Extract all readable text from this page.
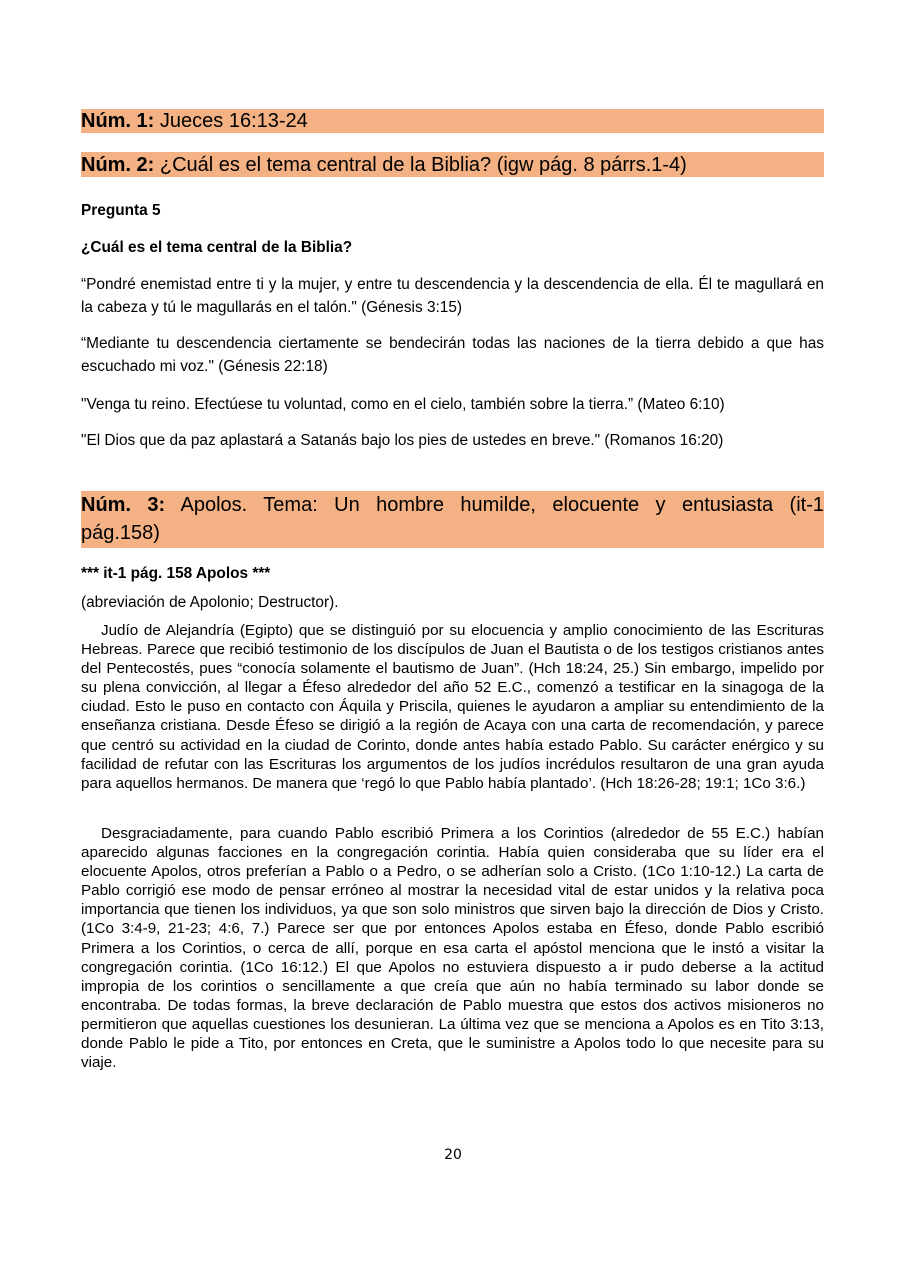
Núm. 1: Jueces 16:13-24
Núm. 2: ¿Cuál es el tema central de la Biblia? (igw pág. 8 párrs.1-4)
Pregunta 5
¿Cuál es el tema central de la Biblia?
“Pondré enemistad entre ti y la mujer, y entre tu descendencia y la descendencia de ella. Él te magullará en la cabeza y tú le magullarás en el talón." (Génesis 3:15)
“Mediante tu descendencia ciertamente se bendecirán todas las naciones de la tierra debido a que has escuchado mi voz." (Génesis 22:18)
"Venga tu reino. Efectúese tu voluntad, como en el cielo, también sobre la tierra.” (Mateo 6:10)
"El Dios que da paz aplastará a Satanás bajo los pies de ustedes en breve." (Romanos 16:20)
Núm. 3: Apolos. Tema: Un hombre humilde, elocuente y entusiasta (it-1
pág.158)
*** it-1 pág. 158 Apolos ***
(abreviación de Apolonio; Destructor).
Judío de Alejandría (Egipto) que se distinguió por su elocuencia y amplio conocimiento de las Escrituras Hebreas. Parece que recibió testimonio de los discípulos de Juan el Bautista o de los testigos cristianos antes del Pentecostés, pues “conocía solamente el bautismo de Juan”. (Hch 18:24, 25.) Sin embargo, impelido por su plena convicción, al llegar a Éfeso alrededor del año 52 E.C., comenzó a testificar en la sinagoga de la ciudad. Esto le puso en contacto con Áquila y Priscila, quienes le ayudaron a ampliar su entendimiento de la enseñanza cristiana. Desde Éfeso se dirigió a la región de Acaya con una carta de recomendación, y parece que centró su actividad en la ciudad de Corinto, donde antes había estado Pablo. Su carácter enérgico y su facilidad de refutar con las Escrituras los argumentos de los judíos incrédulos resultaron de una gran ayuda para aquellos hermanos. De manera que ‘regó lo que Pablo había plantado’. (Hch 18:26-28; 19:1; 1Co 3:6.)
Desgraciadamente, para cuando Pablo escribió Primera a los Corintios (alrededor de 55 E.C.) habían aparecido algunas facciones en la congregación corintia. Había quien consideraba que su líder era el elocuente Apolos, otros preferían a Pablo o a Pedro, o se adherían solo a Cristo. (1Co 1:10-12.) La carta de Pablo corrigió ese modo de pensar erróneo al mostrar la necesidad vital de estar unidos y la relativa poca importancia que tienen los individuos, ya que son solo ministros que sirven bajo la dirección de Dios y Cristo. (1Co 3:4-9, 21-23; 4:6, 7.) Parece ser que por entonces Apolos estaba en Éfeso, donde Pablo escribió Primera a los Corintios, o cerca de allí, porque en esa carta el apóstol menciona que le instó a visitar la congregación corintia. (1Co 16:12.) El que Apolos no estuviera dispuesto a ir pudo deberse a la actitud impropia de los corintios o sencillamente a que creía que aún no había terminado su labor donde se encontraba. De todas formas, la breve declaración de Pablo muestra que estos dos activos misioneros no permitieron que aquellas cuestiones los desunieran. La última vez que se menciona a Apolos es en Tito 3:13, donde Pablo le pide a Tito, por entonces en Creta, que le suministre a Apolos todo lo que necesite para su viaje.
20
